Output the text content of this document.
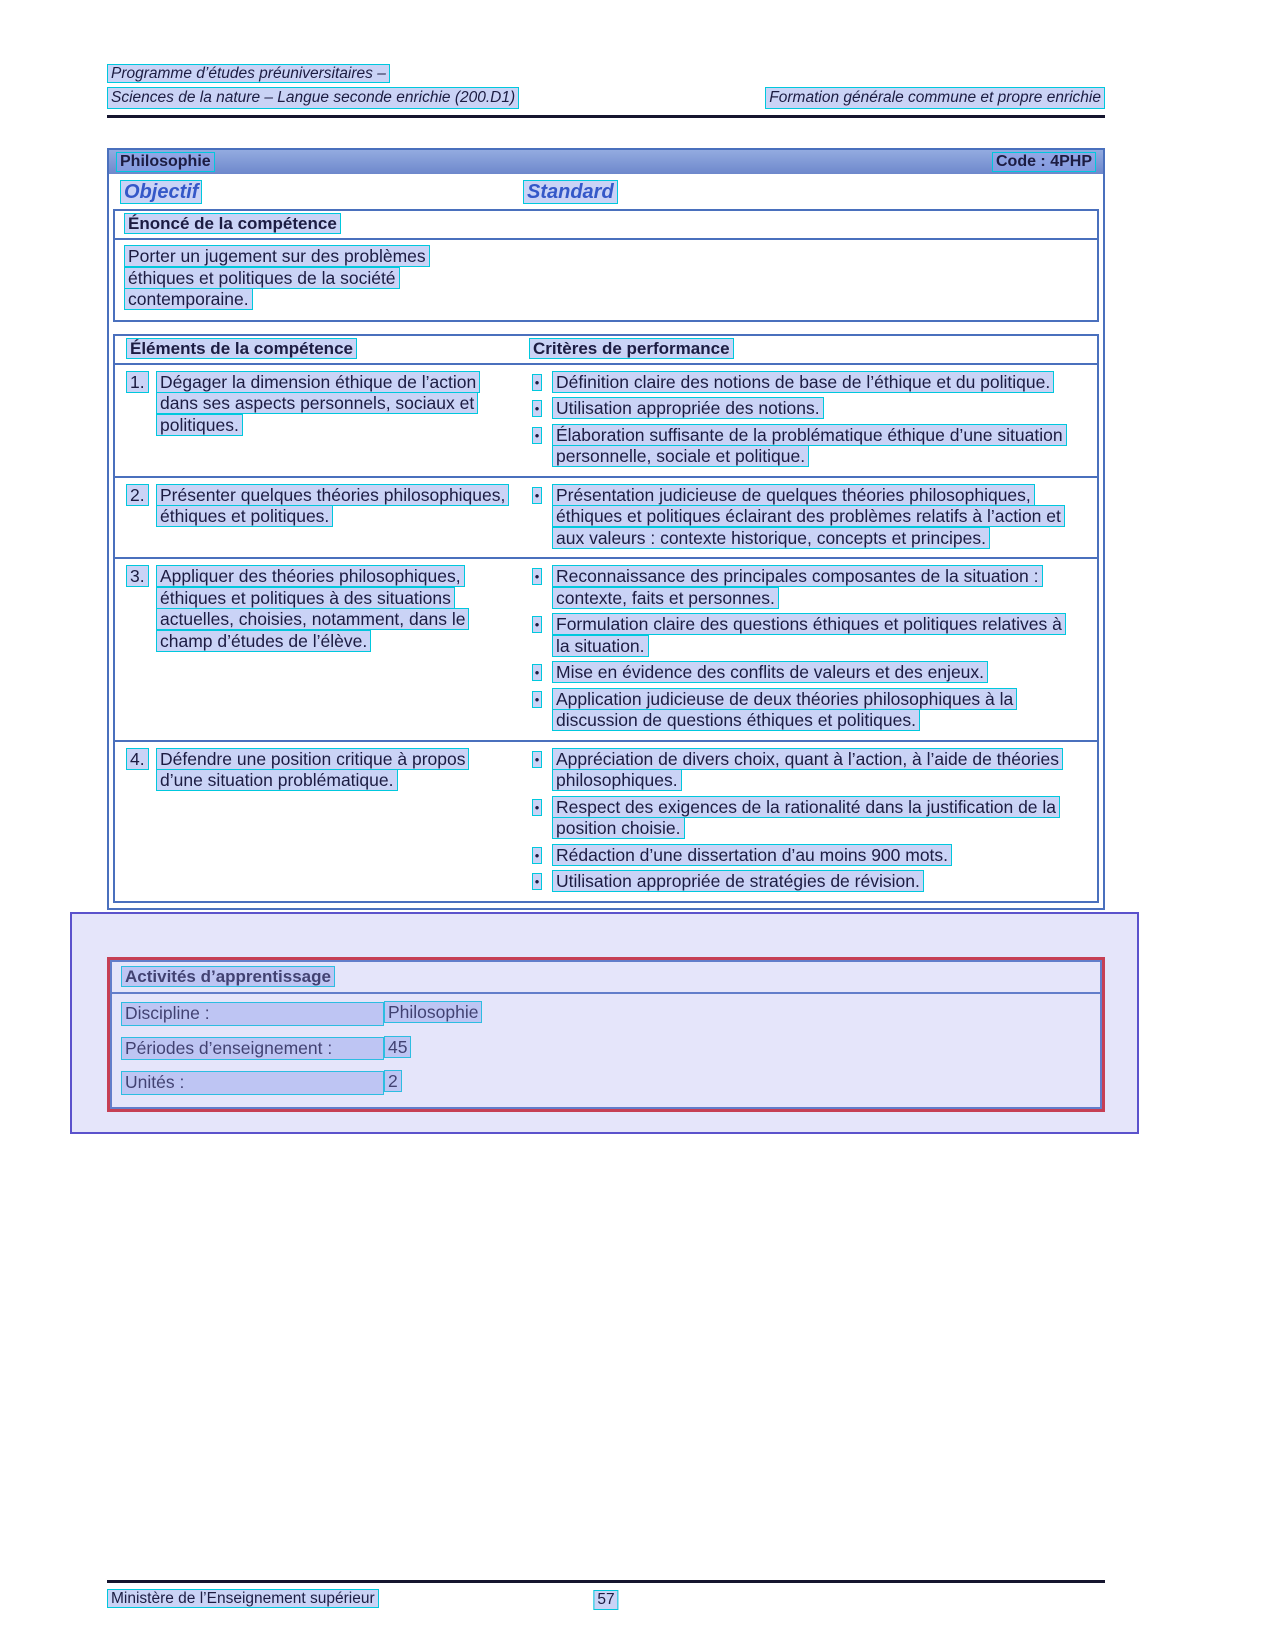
Programme d’études préuniversitaires –
Sciences de la nature – Langue seconde enrichie (200.D1)	Formation générale commune et propre enrichie
Philosophie	Code : 4PHP
Objectif	Standard
Énoncé de la compétence

Porter un jugement sur des problèmes éthiques et politiques de la société contemporaine.

Éléments de la compétence	Critères de performance
1. Dégager la dimension éthique de l’action dans ses aspects personnels, sociaux et politiques.
• Définition claire des notions de base de l’éthique et du politique.
• Utilisation appropriée des notions.
• Élaboration suffisante de la problématique éthique d’une situation personnelle, sociale et politique.
2. Présenter quelques théories philosophiques, éthiques et politiques.
• Présentation judicieuse de quelques théories philosophiques, éthiques et politiques éclairant des problèmes relatifs à l’action et aux valeurs : contexte historique, concepts et principes.
3. Appliquer des théories philosophiques, éthiques et politiques à des situations actuelles, choisies, notamment, dans le champ d’études de l’élève.
• Reconnaissance des principales composantes de la situation : contexte, faits et personnes.
• Formulation claire des questions éthiques et politiques relatives à la situation.
• Mise en évidence des conflits de valeurs et des enjeux.
• Application judicieuse de deux théories philosophiques à la discussion de questions éthiques et politiques.
4. Défendre une position critique à propos d’une situation problématique.
• Appréciation de divers choix, quant à l’action, à l’aide de théories philosophiques.
• Respect des exigences de la rationalité dans la justification de la position choisie.
• Rédaction d’une dissertation d’au moins 900 mots.
• Utilisation appropriée de stratégies de révision.
Activités d’apprentissage
Discipline :	Philosophie
Périodes d’enseignement :	45
Unités :	2
Ministère de l’Enseignement supérieur	57
